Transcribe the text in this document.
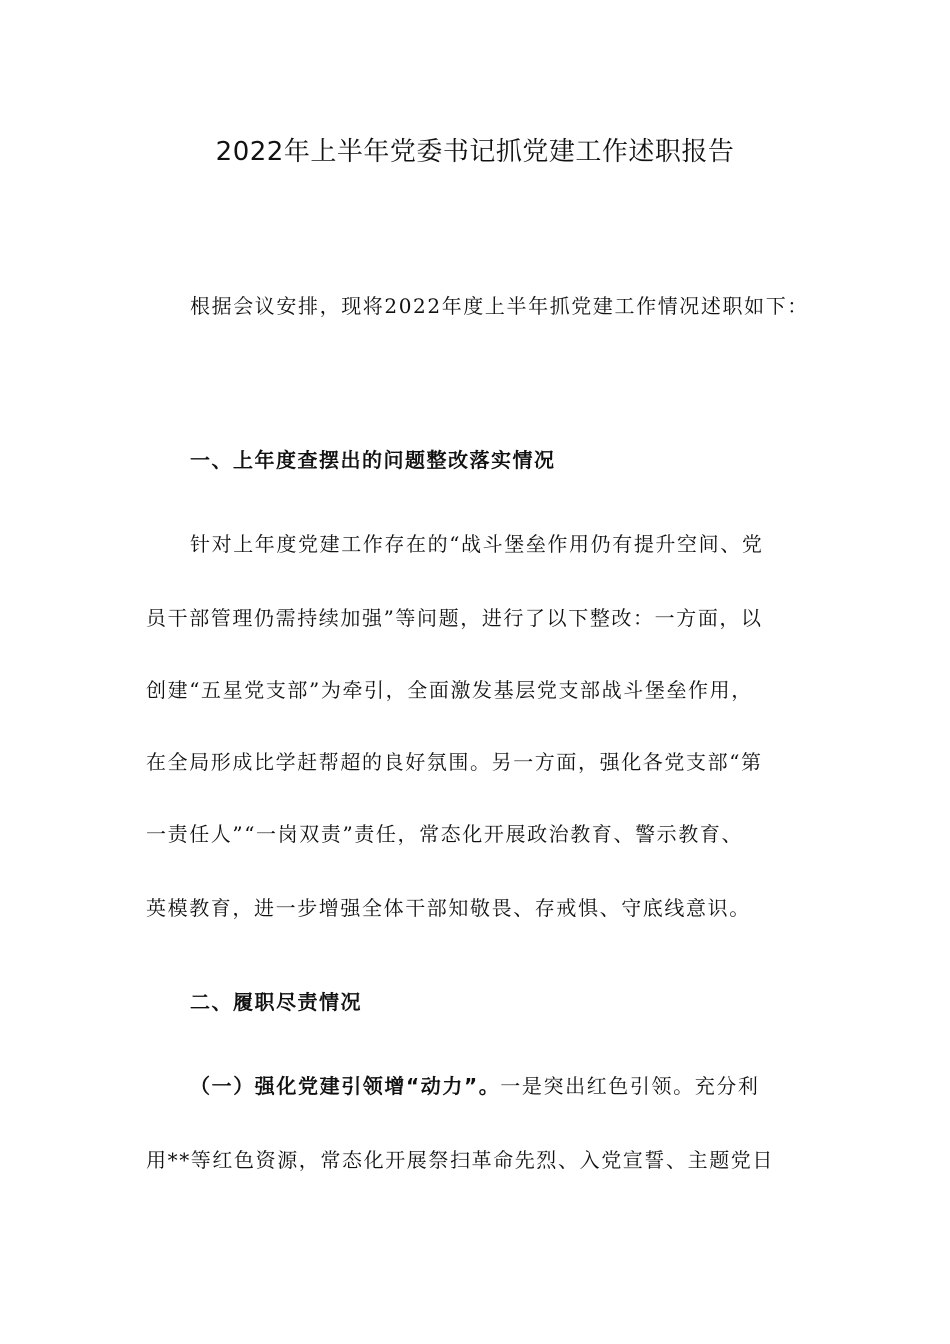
2022年上半年党委书记抓党建工作述职报告
根据会议安排，现将2022年度上半年抓党建工作情况述职如下：
一、上年度查摆出的问题整改落实情况
针对上年度党建工作存在的“战斗堡垒作用仍有提升空间、党
员干部管理仍需持续加强”等问题，进行了以下整改：一方面，以
创建“五星党支部”为牵引，全面激发基层党支部战斗堡垒作用，
在全局形成比学赶帮超的良好氛围。另一方面，强化各党支部“第
一责任人”“一岗双责”责任，常态化开展政治教育、警示教育、
英模教育，进一步增强全体干部知敬畏、存戒惧、守底线意识。
二、履职尽责情况
（一）强化党建引领增“动力”。一是突出红色引领。充分利
用**等红色资源，常态化开展祭扫革命先烈、入党宣誓、主题党日
